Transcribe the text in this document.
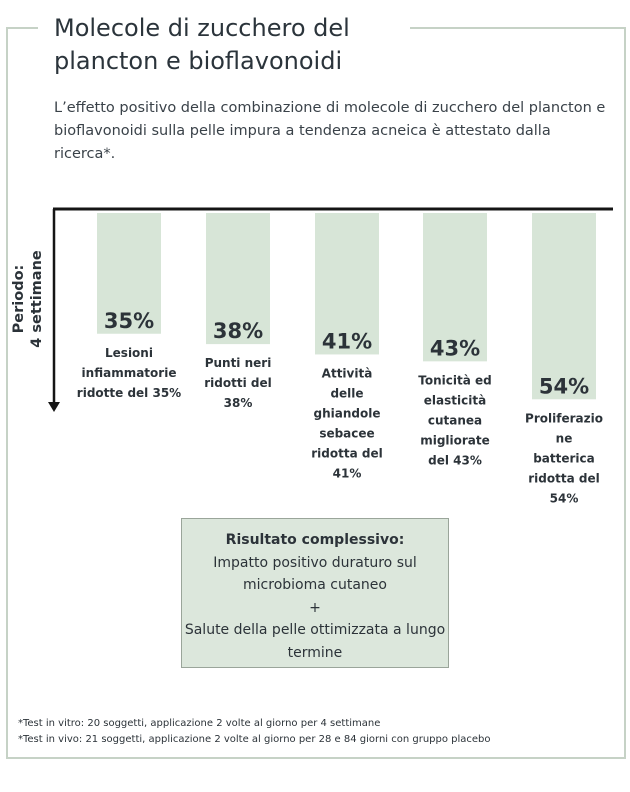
Molecole di zucchero del plancton e bioflavonoidi

L’effetto positivo della combinazione di molecole di zucchero del plancton e bioflavonoidi sulla pelle impura a tendenza acneica è attestato dalla ricerca*.

35%	38%	41%	43%
54%
Lesioni infiammatorie ridotte del 35%
Punti neri ridotti del 38%
Attività delle ghiandole sebacee ridotta del 41%
Tonicità ed elasticità cutanea migliorate del 43%
Proliferazio ne batterica ridotta del 54%
Periodo: 4 settimane
Risultato complessivo:
Impatto positivo duraturo sul microbioma cutaneo
+
Salute della pelle ottimizzata a lungo termine
*Test in vitro: 20 soggetti, applicazione 2 volte al giorno per 4 settimane
*Test in vivo: 21 soggetti, applicazione 2 volte al giorno per 28 e 84 giorni con gruppo placebo
